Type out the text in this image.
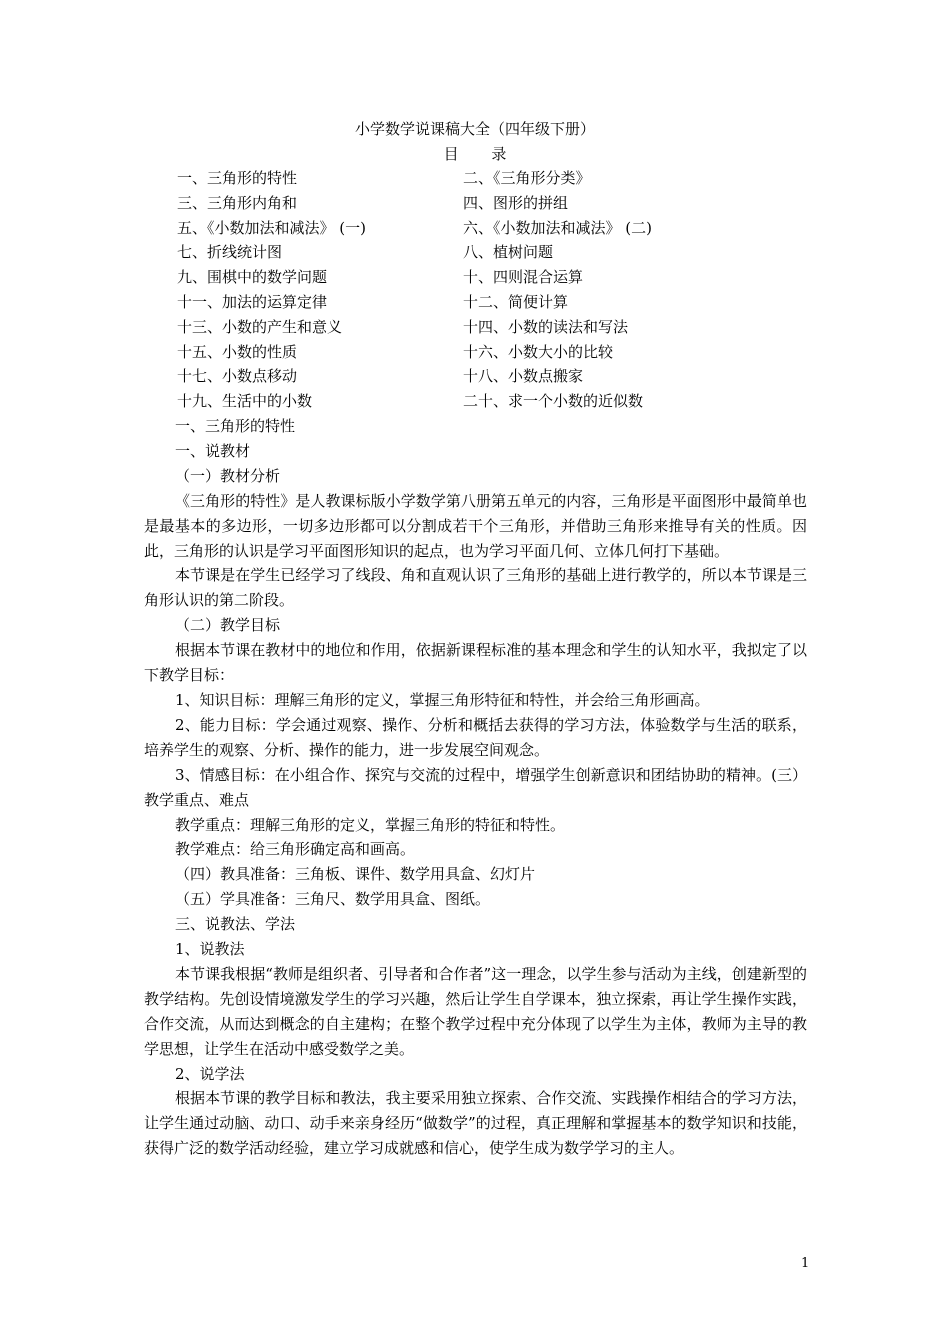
小学数学说课稿大全（四年级下册）
目 录
一、三角形的特性	二、《三角形分类》
三、三角形内角和	四、图形的拼组
五、《小数加法和减法》 (一)	六、《小数加法和减法》 (二)
七、折线统计图	八、植树问题
九、围棋中的数学问题	十、四则混合运算
十一、加法的运算定律	十二、简便计算
十三、小数的产生和意义	十四、小数的读法和写法
十五、小数的性质	十六、小数大小的比较
十七、小数点移动	十八、小数点搬家
十九、生活中的小数	二十、求一个小数的近似数

一、三角形的特性

一、说教材

（一）教材分析

《三角形的特性》是人教课标版小学数学第八册第五单元的内容，三角形是平面图形中最简单也是最基本的多边形，一切多边形都可以分割成若干个三角形，并借助三角形来推导有关的性质。因此，三角形的认识是学习平面图形知识的起点，也为学习平面几何、立体几何打下基础。

本节课是在学生已经学习了线段、角和直观认识了三角形的基础上进行教学的，所以本节课是三角形认识的第二阶段。

（二）教学目标

根据本节课在教材中的地位和作用，依据新课程标准的基本理念和学生的认知水平，我拟定了以下教学目标：

1、知识目标：理解三角形的定义，掌握三角形特征和特性，并会给三角形画高。

2、能力目标：学会通过观察、操作、分析和概括去获得的学习方法，体验数学与生活的联系，培养学生的观察、分析、操作的能力，进一步发展空间观念。

3、情感目标：在小组合作、探究与交流的过程中，增强学生创新意识和团结协助的精神。(三）教学重点、难点

教学重点：理解三角形的定义，掌握三角形的特征和特性。

教学难点：给三角形确定高和画高。

（四）教具准备：三角板、课件、数学用具盒、幻灯片

（五）学具准备：三角尺、数学用具盒、图纸。

三、说教法、学法

1、说教法

本节课我根据“教师是组织者、引导者和合作者”这一理念，以学生参与活动为主线，创建新型的教学结构。先创设情境激发学生的学习兴趣，然后让学生自学课本，独立探索，再让学生操作实践，合作交流，从而达到概念的自主建构；在整个教学过程中充分体现了以学生为主体，教师为主导的教学思想，让学生在活动中感受数学之美。

2、说学法

根据本节课的教学目标和教法，我主要采用独立探索、合作交流、实践操作相结合的学习方法，让学生通过动脑、动口、动手来亲身经历“做数学”的过程，真正理解和掌握基本的数学知识和技能，获得广泛的数学活动经验，建立学习成就感和信心，使学生成为数学学习的主人。

1
